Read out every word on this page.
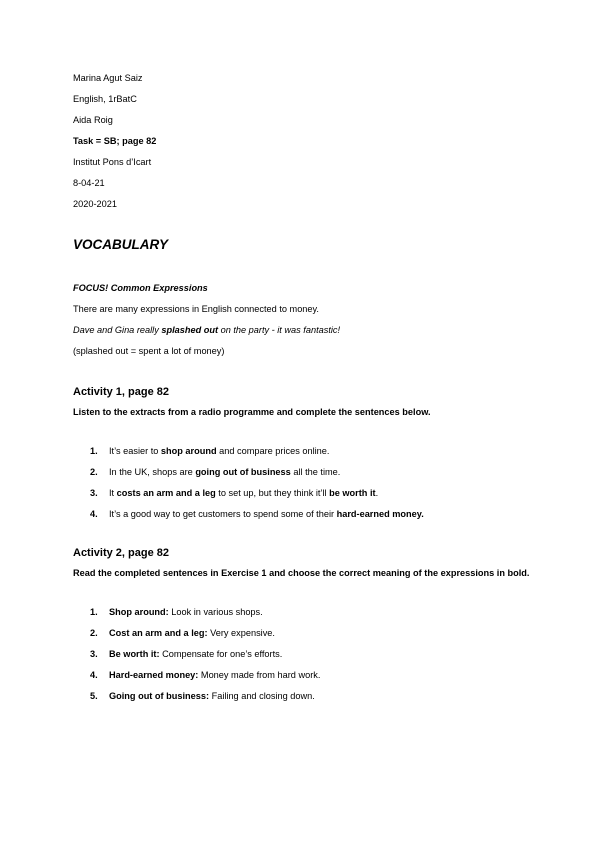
Marina Agut Saiz
English, 1rBatC
Aida Roig
Task = SB; page 82
Institut Pons d’Icart
8-04-21
2020-2021
VOCABULARY
FOCUS! Common Expressions
There are many expressions in English connected to money.
Dave and Gina really splashed out on the party - it was fantastic!
(splashed out = spent a lot of money)
Activity 1, page 82
Listen to the extracts from a radio programme and complete the sentences below.
1. It’s easier to shop around and compare prices online.
2. In the UK, shops are going out of business all the time.
3. It costs an arm and a leg to set up, but they think it’ll be worth it.
4. It’s a good way to get customers to spend some of their hard-earned money.
Activity 2, page 82
Read the completed sentences in Exercise 1 and choose the correct meaning of the expressions in bold.
1. Shop around: Look in various shops.
2. Cost an arm and a leg: Very expensive.
3. Be worth it: Compensate for one’s efforts.
4. Hard-earned money: Money made from hard work.
5. Going out of business: Failing and closing down.
